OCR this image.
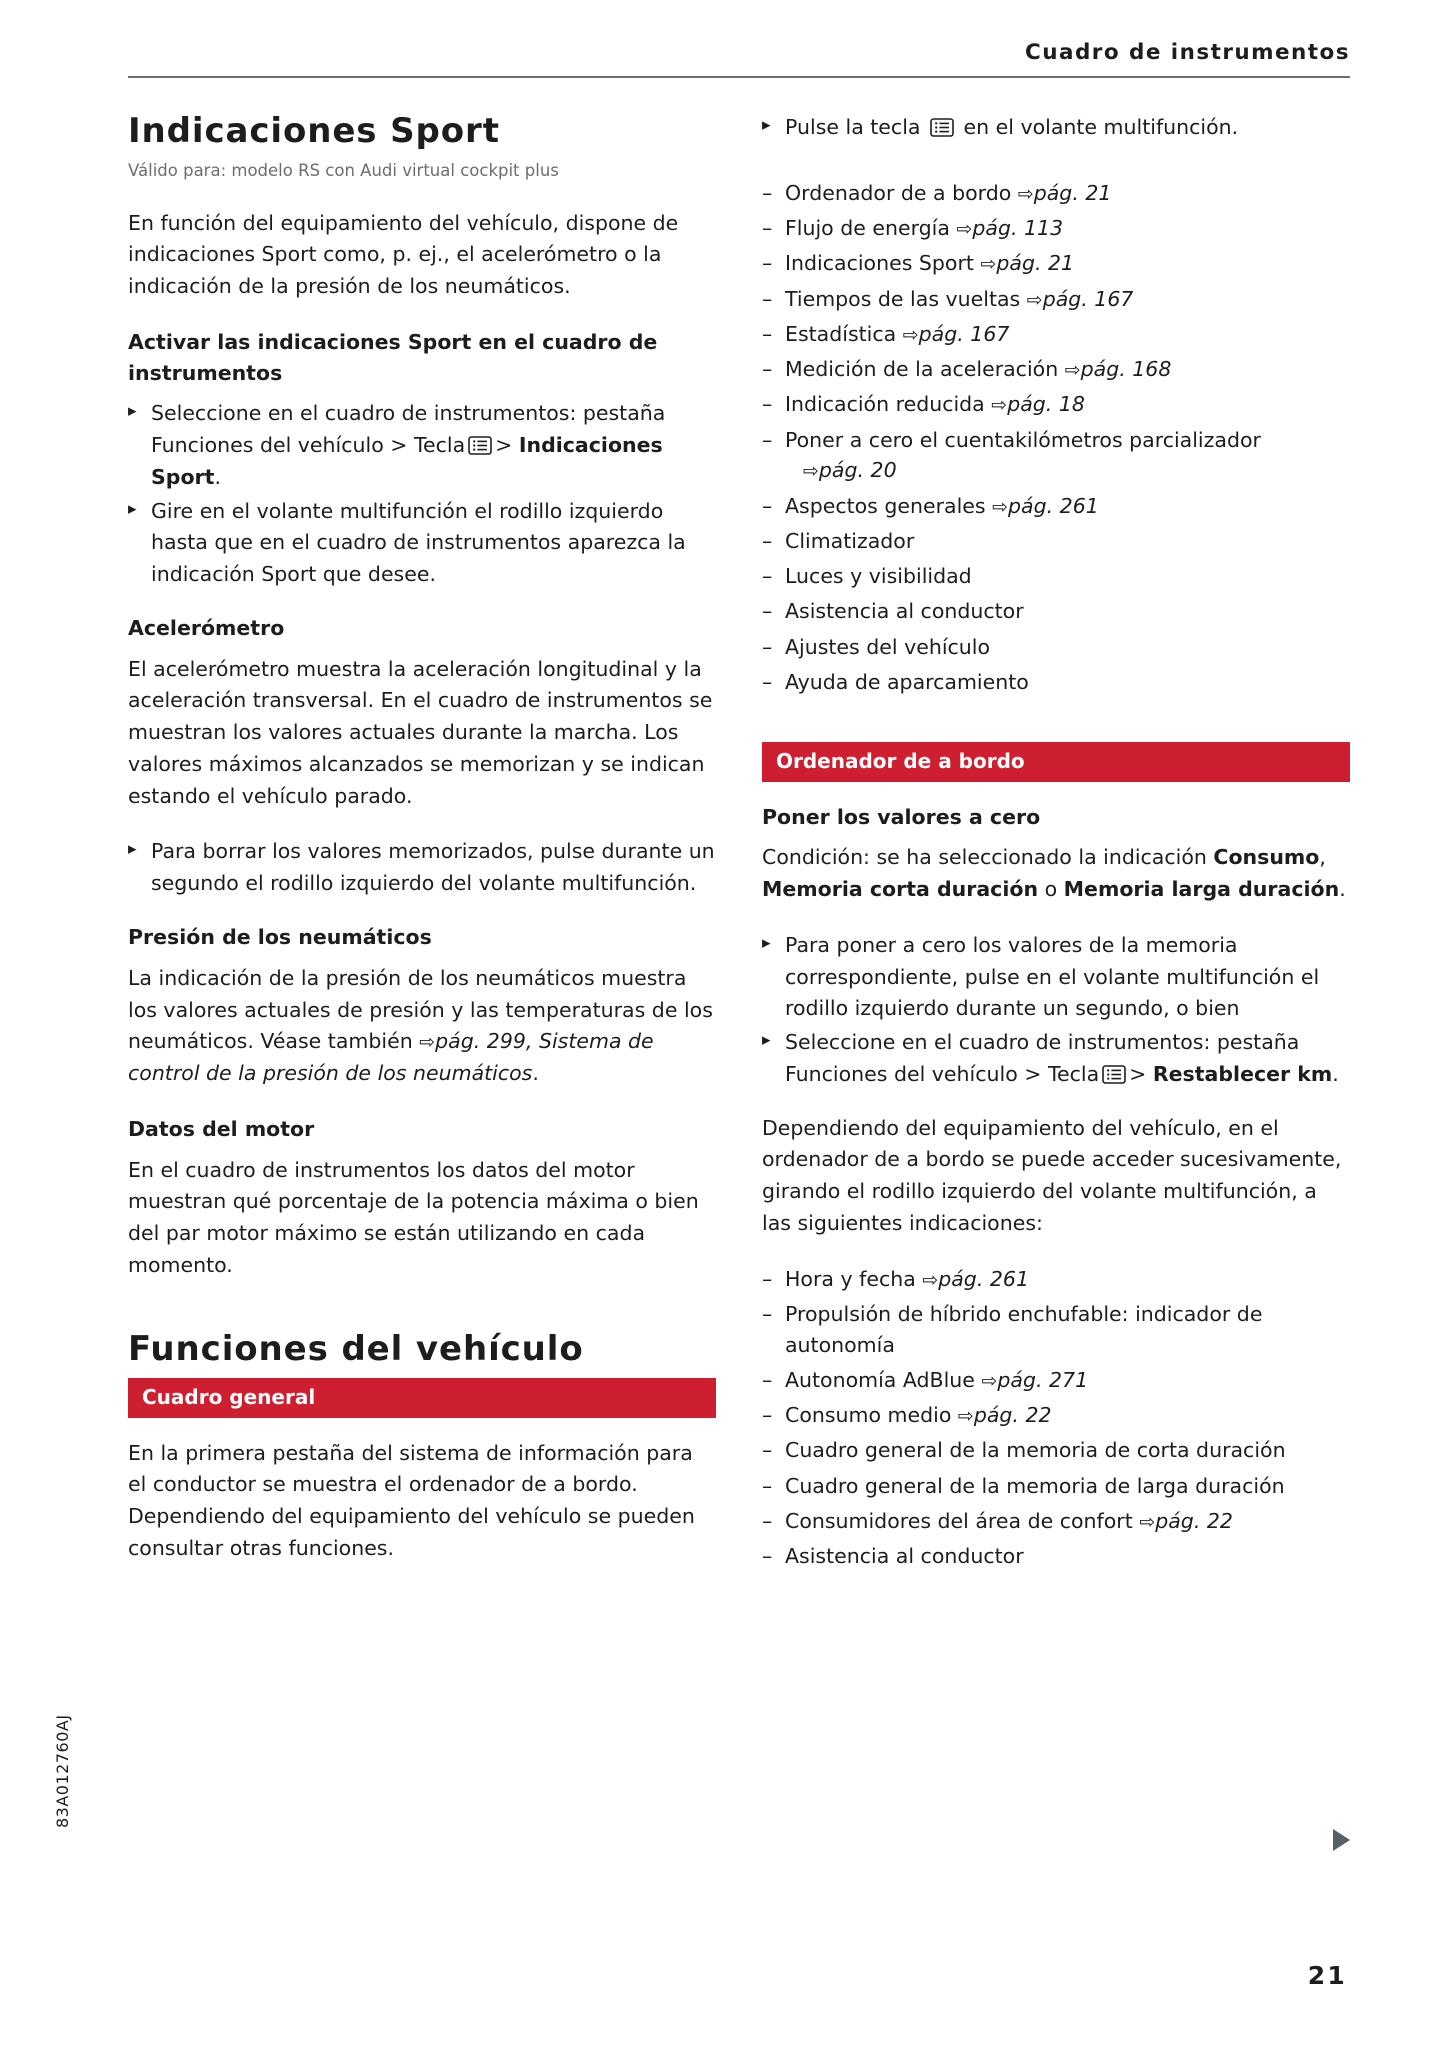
Cuadro de instrumentos
Indicaciones Sport
Válido para: modelo RS con Audi virtual cockpit plus

En función del equipamiento del vehículo, dispone de indicaciones Sport como, p. ej., el acelerómetro o la indicación de la presión de los neumáticos.

Activar las indicaciones Sport en el cuadro de instrumentos
▸ Seleccione en el cuadro de instrumentos: pestaña Funciones del vehículo > Tecla > Indicaciones Sport.
▸ Gire en el volante multifunción el rodillo izquierdo hasta que en el cuadro de instrumentos aparezca la indicación Sport que desee.
Acelerómetro

El acelerómetro muestra la aceleración longitudinal y la aceleración transversal. En el cuadro de instrumentos se muestran los valores actuales durante la marcha. Los valores máximos alcanzados se memorizan y se indican estando el vehículo parado.

▸ Para borrar los valores memorizados, pulse durante un segundo el rodillo izquierdo del volante multifunción.
Presión de los neumáticos

La indicación de la presión de los neumáticos muestra los valores actuales de presión y las temperaturas de los neumáticos. Véase también ⇨pág. 299, Sistema de control de la presión de los neumáticos.

Datos del motor

En el cuadro de instrumentos los datos del motor muestran qué porcentaje de la potencia máxima o bien del par motor máximo se están utilizando en cada momento.

Funciones del vehículo
Cuadro general

En la primera pestaña del sistema de información para el conductor se muestra el ordenador de a bordo. Dependiendo del equipamiento del vehículo se pueden consultar otras funciones.

▸ Pulse la tecla en el volante multifunción.
– Ordenador de a bordo ⇨pág. 21
– Flujo de energía ⇨pág. 113
– Indicaciones Sport ⇨pág. 21
– Tiempos de las vueltas ⇨pág. 167
– Estadística ⇨pág. 167
– Medición de la aceleración ⇨pág. 168
– Indicación reducida ⇨pág. 18
– Poner a cero el cuentakilómetros parcializador
⇨pág. 20
– Aspectos generales ⇨pág. 261
– Climatizador
– Luces y visibilidad
– Asistencia al conductor
– Ajustes del vehículo
– Ayuda de aparcamiento
Ordenador de a bordo
Poner los valores a cero

Condición: se ha seleccionado la indicación Consumo, Memoria corta duración o Memoria larga duración.

▸ Para poner a cero los valores de la memoria correspondiente, pulse en el volante multifunción el rodillo izquierdo durante un segundo, o bien
▸ Seleccione en el cuadro de instrumentos: pestaña Funciones del vehículo > Tecla > Restablecer km.

Dependiendo del equipamiento del vehículo, en el ordenador de a bordo se puede acceder sucesivamente, girando el rodillo izquierdo del volante multifunción, a las siguientes indicaciones:

– Hora y fecha ⇨pág. 261
– Propulsión de híbrido enchufable: indicador de autonomía
– Autonomía AdBlue ⇨pág. 271
– Consumo medio ⇨pág. 22
– Cuadro general de la memoria de corta duración
– Cuadro general de la memoria de larga duración
– Consumidores del área de confort ⇨pág. 22
– Asistencia al conductor
83A012760AJ
21
